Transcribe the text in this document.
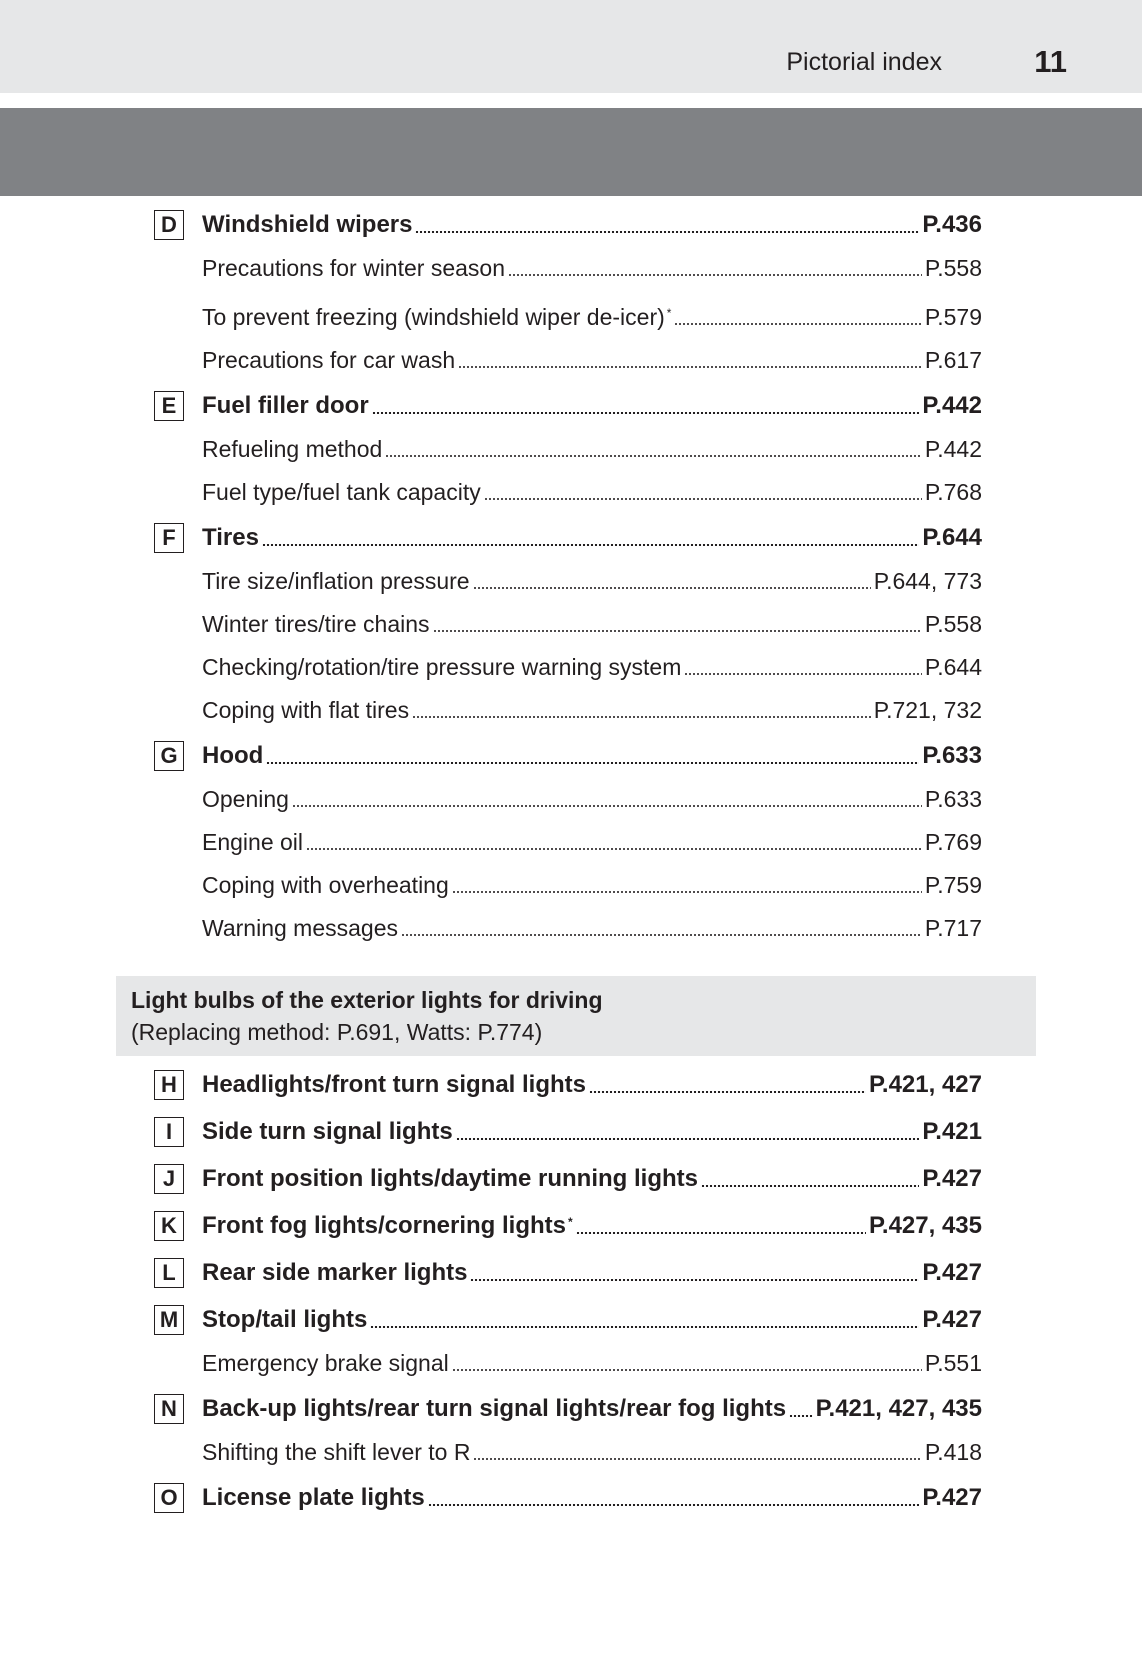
Pictorial index	11
D Windshield wipers	P.436
Precautions for winter season	P.558
To prevent freezing (windshield wiper de-icer)*	P.579
Precautions for car wash	P.617
E	Fuel filler door	P.442
Refueling method	P.442
Fuel type/fuel tank capacity	P.768
F	Tires	P.644
Tire size/inflation pressure	P.644, 773
Winter tires/tire chains	P.558
Checking/rotation/tire pressure warning system	P.644
Coping with flat tires	P.721, 732
G Hood	P.633
Opening	P.633
Engine oil	P.769
Coping with overheating	P.759
Warning messages	P.717
Light bulbs of the exterior lights for driving
(Replacing method: P.691, Watts: P.774)
H Headlights/front turn signal lights	P.421, 427
I	Side turn signal lights	P.421
J	Front position lights/daytime running lights	P.427
K Front fog lights/cornering lights*	P.427, 435
L	Rear side marker lights	P.427
M Stop/tail lights	P.427
Emergency brake signal	P.551
N Back-up lights/rear turn signal lights/rear fog lights P.421, 427, 435
Shifting the shift lever to R	P.418
O License plate lights	P.427
